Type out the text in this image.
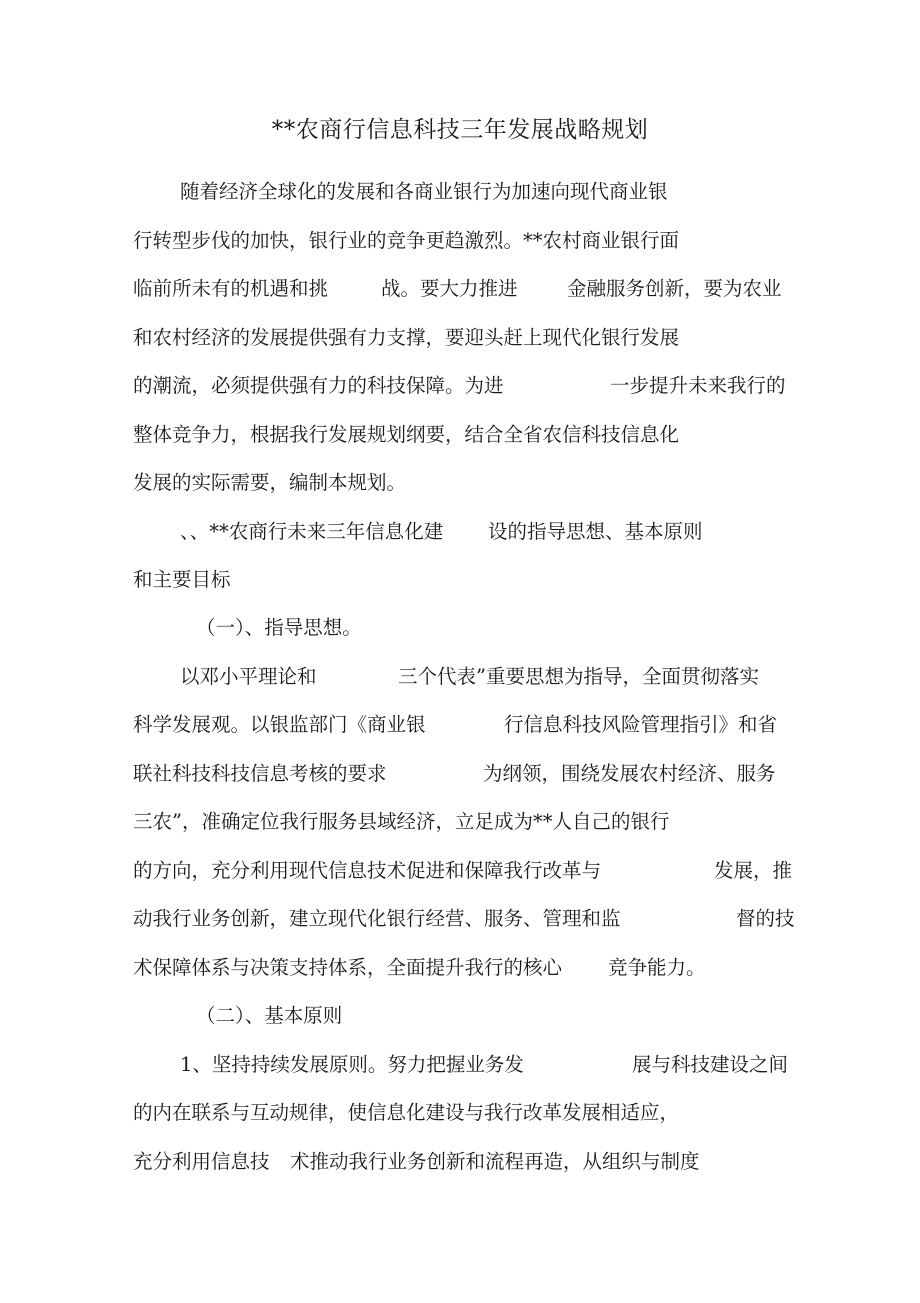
**农商行信息科技三年发展战略规划
随着经济全球化的发展和各商业银行为加速向现代商业银
行转型步伐的加快，银行业的竞争更趋激烈。**农村商业银行面
临前所未有的机遇和挑	战。要大力推进	金融服务创新，要为农业
和农村经济的发展提供强有力支撑，要迎头赶上现代化银行发展
的潮流，必须提供强有力的科技保障。为进	一步提升未来我行的
整体竞争力，根据我行发展规划纲要，结合全省农信科技信息化
发展的实际需要，编制本规划。
、、**农商行未来三年信息化建 设的指导思想、基本原则
和主要目标
（一）、指导思想。
以邓小平理论和	三个代表”重要思想为指导，全面贯彻落实
科学发展观。以银监部门《商业银	行信息科技风险管理指引》和省
联社科技科技信息考核的要求	为纲领，围绕发展农村经济、服务
三农”，准确定位我行服务县域经济，立足成为**人自己的银行
的方向，充分利用现代信息技术促进和保障我行改革与	发展，推
动我行业务创新，建立现代化银行经营、服务、管理和监	督的技
术保障体系与决策支持体系，全面提升我行的核心 竞争能力。
（二）、基本原则
1、坚持持续发展原则。努力把握业务发	展与科技建设之间
的内在联系与互动规律，使信息化建设与我行改革发展相适应，
充分利用信息技 术推动我行业务创新和流程再造，从组织与制度
